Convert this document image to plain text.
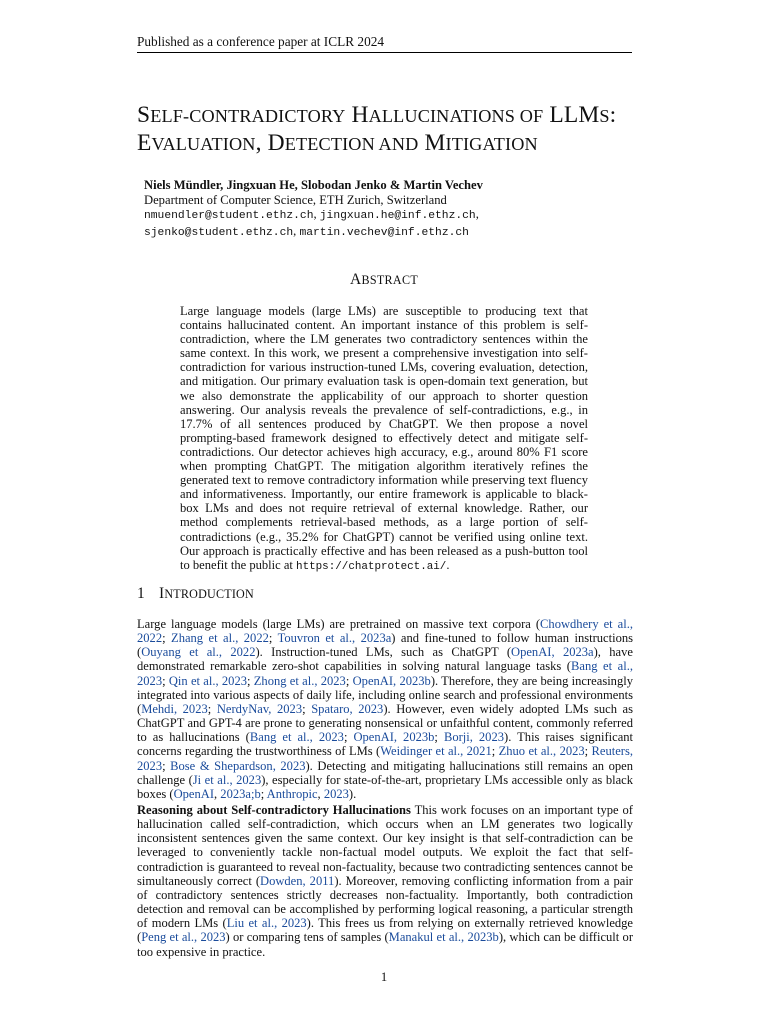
Published as a conference paper at ICLR 2024
SELF-CONTRADICTORY HALLUCINATIONS OF LLMS:
EVALUATION, DETECTION AND MITIGATION
Niels Mündler, Jingxuan He, Slobodan Jenko & Martin Vechev
Department of Computer Science, ETH Zurich, Switzerland
nmuendler@student.ethz.ch, jingxuan.he@inf.ethz.ch,
sjenko@student.ethz.ch, martin.vechev@inf.ethz.ch
ABSTRACT
Large language models (large LMs) are susceptible to producing text that contains hallucinated content. An important instance of this problem is self-contradiction, where the LM generates two contradictory sentences within the same context. In this work, we present a comprehensive investigation into self-contradiction for various instruction-tuned LMs, covering evaluation, detection, and mitigation. Our primary evaluation task is open-domain text generation, but we also demonstrate the applicability of our approach to shorter question answering. Our analysis reveals the prevalence of self-contradictions, e.g., in 17.7% of all sentences produced by ChatGPT. We then propose a novel prompting-based framework designed to effectively detect and mitigate self-contradictions. Our detector achieves high accuracy, e.g., around 80% F1 score when prompting ChatGPT. The mitigation algorithm iteratively refines the generated text to remove contradictory information while preserving text fluency and informativeness. Importantly, our entire framework is applicable to black-box LMs and does not require retrieval of external knowledge. Rather, our method complements retrieval-based methods, as a large portion of self-contradictions (e.g., 35.2% for ChatGPT) cannot be verified using online text. Our approach is practically effective and has been released as a push-button tool to benefit the public at https://chatprotect.ai/.
1 INTRODUCTION
Large language models (large LMs) are pretrained on massive text corpora (Chowdhery et al., 2022; Zhang et al., 2022; Touvron et al., 2023a) and fine-tuned to follow human instructions (Ouyang et al., 2022). Instruction-tuned LMs, such as ChatGPT (OpenAI, 2023a), have demonstrated remarkable zero-shot capabilities in solving natural language tasks (Bang et al., 2023; Qin et al., 2023; Zhong et al., 2023; OpenAI, 2023b). Therefore, they are being increasingly integrated into various aspects of daily life, including online search and professional environments (Mehdi, 2023; NerdyNav, 2023; Spataro, 2023). However, even widely adopted LMs such as ChatGPT and GPT-4 are prone to generating nonsensical or unfaithful content, commonly referred to as hallucinations (Bang et al., 2023; OpenAI, 2023b; Borji, 2023). This raises significant concerns regarding the trustworthiness of LMs (Weidinger et al., 2021; Zhuo et al., 2023; Reuters, 2023; Bose & Shepardson, 2023). Detecting and mitigating hallucinations still remains an open challenge (Ji et al., 2023), especially for state-of-the-art, proprietary LMs accessible only as black boxes (OpenAI, 2023a;b; Anthropic, 2023).
Reasoning about Self-contradictory Hallucinations This work focuses on an important type of hallucination called self-contradiction, which occurs when an LM generates two logically inconsistent sentences given the same context. Our key insight is that self-contradiction can be leveraged to conveniently tackle non-factual model outputs. We exploit the fact that self-contradiction is guaranteed to reveal non-factuality, because two contradicting sentences cannot be simultaneously correct (Dowden, 2011). Moreover, removing conflicting information from a pair of contradictory sentences strictly decreases non-factuality. Importantly, both contradiction detection and removal can be accomplished by performing logical reasoning, a particular strength of modern LMs (Liu et al., 2023). This frees us from relying on externally retrieved knowledge (Peng et al., 2023) or comparing tens of samples (Manakul et al., 2023b), which can be difficult or too expensive in practice.
1
